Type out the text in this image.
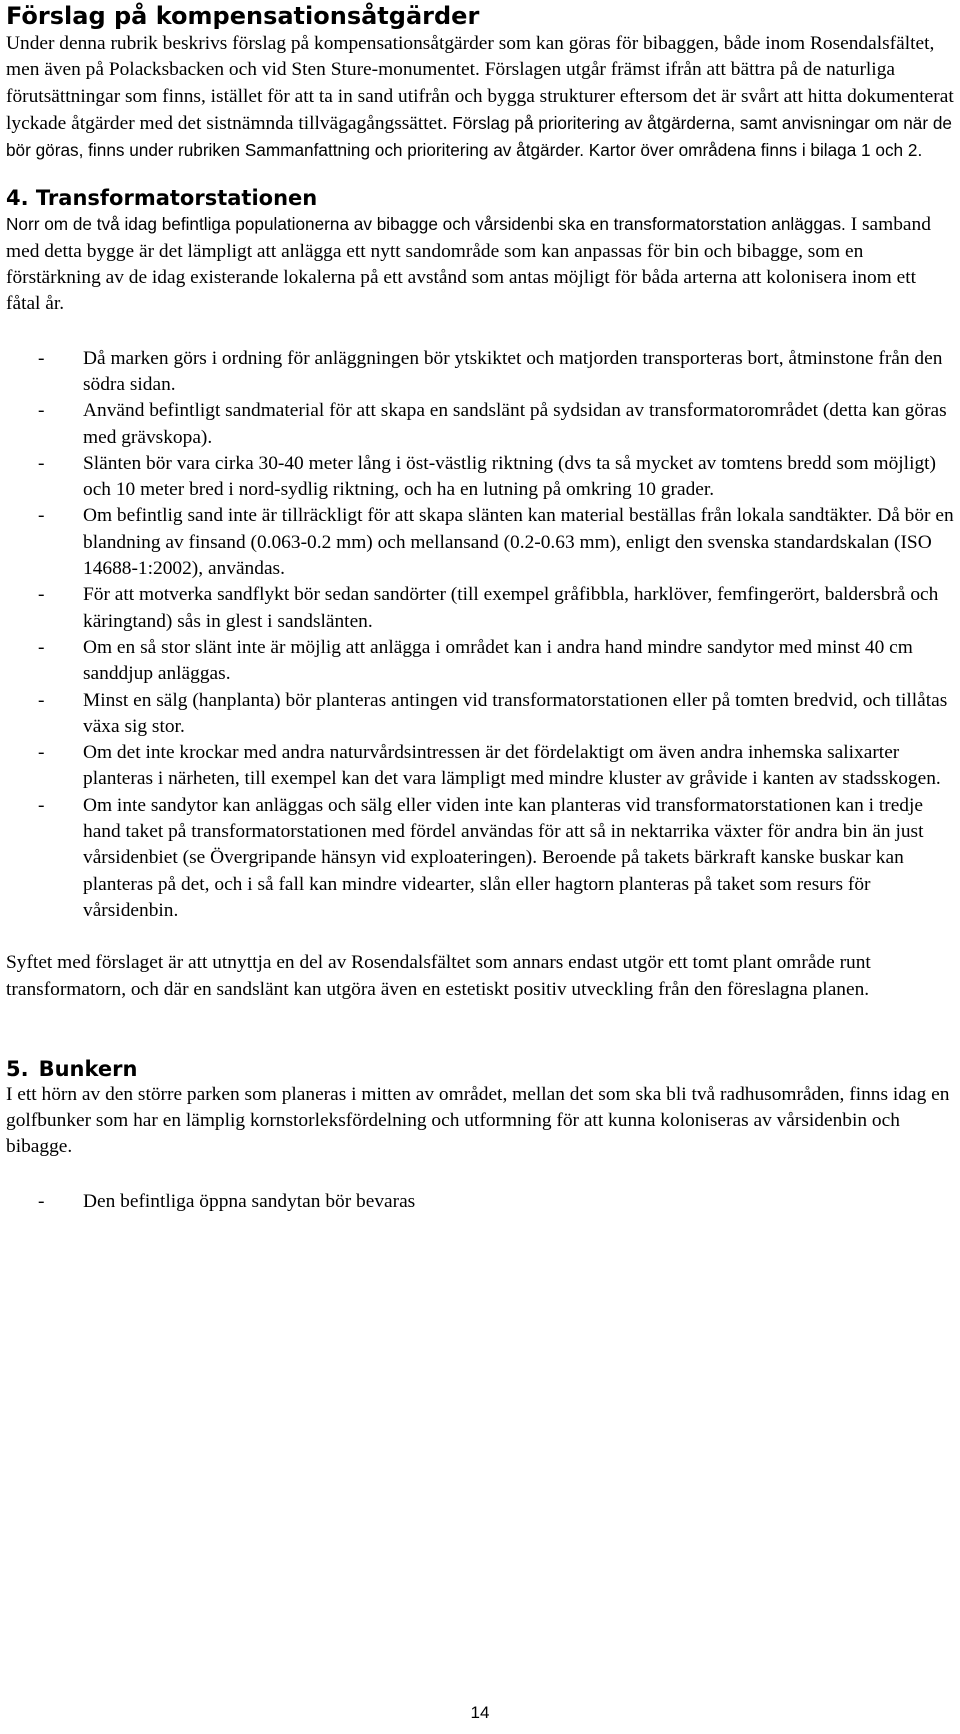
Förslag på kompensationsåtgärder

Under denna rubrik beskrivs förslag på kompensationsåtgärder som kan göras för bibaggen, både inom Rosendalsfältet, men även på Polacksbacken och vid Sten Sture-monumentet. Förslagen utgår främst ifrån att bättra på de naturliga förutsättningar som finns, istället för att ta in sand utifrån och bygga strukturer eftersom det är svårt att hitta dokumenterat lyckade åtgärder med det sistnämnda tillvägagångssättet. Förslag på prioritering av åtgärderna, samt anvisningar om när de bör göras, finns under rubriken Sammanfattning och prioritering av åtgärder. Kartor över områdena finns i bilaga 1 och 2.

4. Transformatorstationen

Norr om de två idag befintliga populationerna av bibagge och vårsidenbi ska en transformatorstation anläggas. I samband med detta bygge är det lämpligt att anlägga ett nytt sandområde som kan anpassas för bin och bibagge, som en förstärkning av de idag existerande lokalerna på ett avstånd som antas möjligt för båda arterna att kolonisera inom ett fåtal år.

- Då marken görs i ordning för anläggningen bör ytskiktet och matjorden transporteras bort, åtminstone från den södra sidan.
- Använd befintligt sandmaterial för att skapa en sandslänt på sydsidan av transformatorområdet (detta kan göras med grävskopa).
- Slänten bör vara cirka 30-40 meter lång i öst-västlig riktning (dvs ta så mycket av tomtens bredd som möjligt) och 10 meter bred i nord-sydlig riktning, och ha en lutning på omkring 10 grader.
- Om befintlig sand inte är tillräckligt för att skapa slänten kan material beställas från lokala sandtäkter. Då bör en blandning av finsand (0.063-0.2 mm) och mellansand (0.2-0.63 mm), enligt den svenska standardskalan (ISO 14688-1:2002), användas.
- För att motverka sandflykt bör sedan sandörter (till exempel gråfibbla, harklöver, femfingerört, baldersbrå och käringtand) sås in glest i sandslänten.
- Om en så stor slänt inte är möjlig att anlägga i området kan i andra hand mindre sandytor med minst 40 cm sanddjup anläggas.
- Minst en sälg (hanplanta) bör planteras antingen vid transformatorstationen eller på tomten bredvid, och tillåtas växa sig stor.
- Om det inte krockar med andra naturvårdsintressen är det fördelaktigt om även andra inhemska salixarter planteras i närheten, till exempel kan det vara lämpligt med mindre kluster av gråvide i kanten av stadsskogen.
- Om inte sandytor kan anläggas och sälg eller viden inte kan planteras vid transformatorstationen kan i tredje hand taket på transformatorstationen med fördel användas för att så in nektarrika växter för andra bin än just vårsidenbiet (se Övergripande hänsyn vid exploateringen). Beroende på takets bärkraft kanske buskar kan planteras på det, och i så fall kan mindre videarter, slån eller hagtorn planteras på taket som resurs för vårsidenbin.

Syftet med förslaget är att utnyttja en del av Rosendalsfältet som annars endast utgör ett tomt plant område runt transformatorn, och där en sandslänt kan utgöra även en estetiskt positiv utveckling från den föreslagna planen.

5. Bunkern

I ett hörn av den större parken som planeras i mitten av området, mellan det som ska bli två radhusområden, finns idag en golfbunker som har en lämplig kornstorleksfördelning och utformning för att kunna koloniseras av vårsidenbin och bibagge.

- Den befintliga öppna sandytan bör bevaras
14
